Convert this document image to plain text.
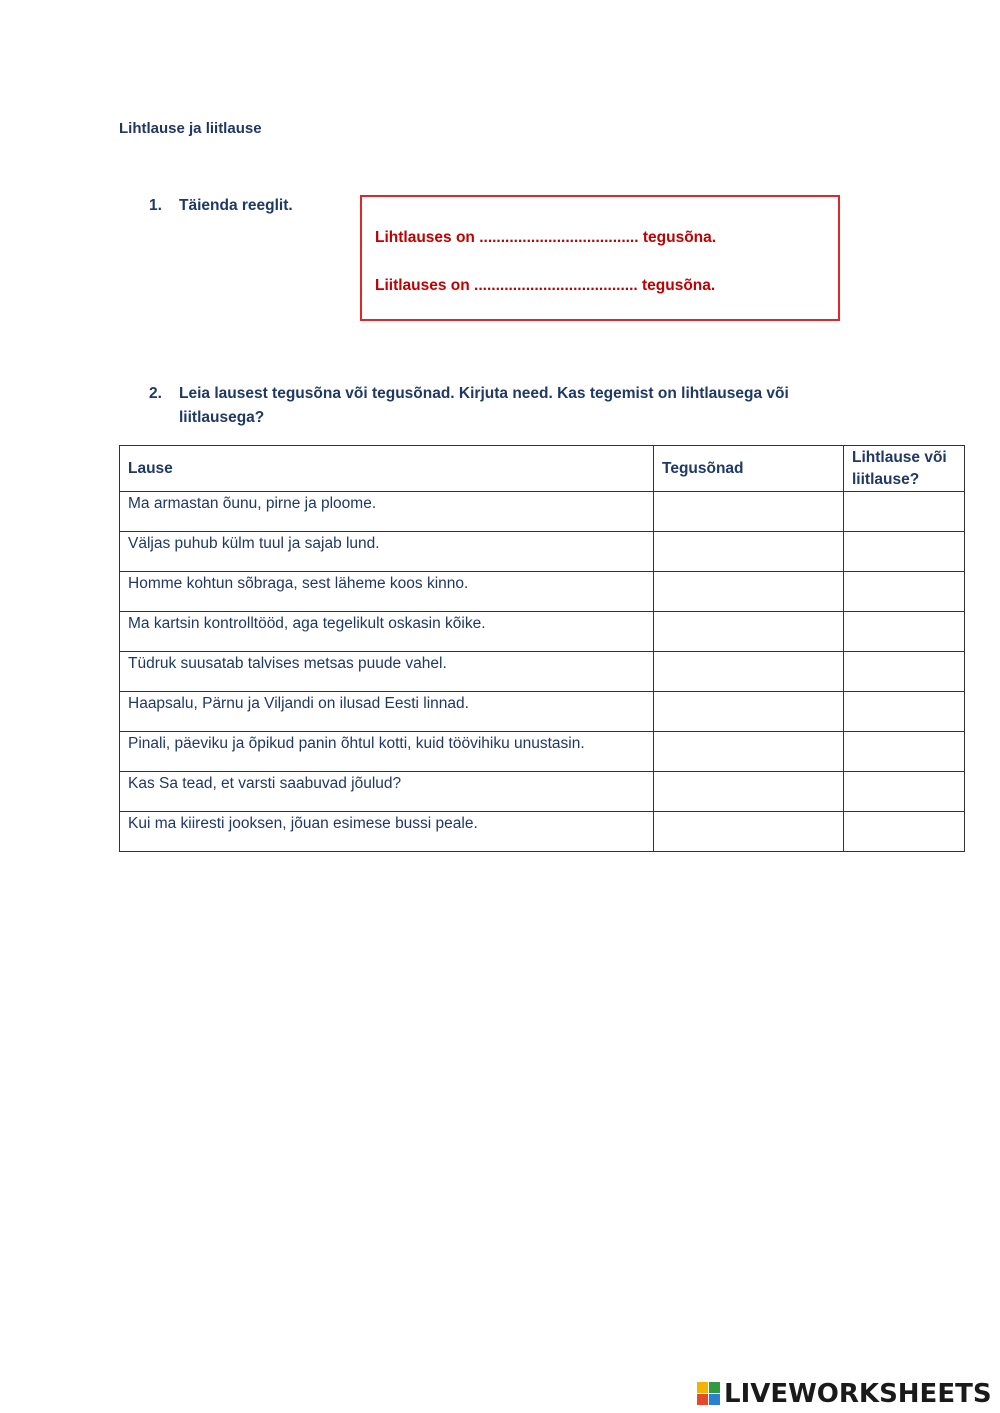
Lihtlause ja liitlause
1. Täienda reeglit.
Lihtlauses on ..................................... tegusõna.
Liitlauses on ...................................... tegusõna.
2. Leia lausest tegusõna või tegusõnad. Kirjuta need. Kas tegemist on lihtlausega või liitlausega?
Lause	Tegusõnad	Lihtlause või liitlause?
Ma armastan õunu, pirne ja ploome.		
Väljas puhub külm tuul ja sajab lund.		
Homme kohtun sõbraga, sest läheme koos kinno.		
Ma kartsin kontrolltööd, aga tegelikult oskasin kõike.		
Tüdruk suusatab talvises metsas puude vahel.		
Haapsalu, Pärnu ja Viljandi on ilusad Eesti linnad.		
Pinali, päeviku ja õpikud panin õhtul kotti, kuid töövihiku unustasin.		
Kas Sa tead, et varsti saabuvad jõulud?		
Kui ma kiiresti jooksen, jõuan esimese bussi peale.		
LIVEWORKSHEETS
